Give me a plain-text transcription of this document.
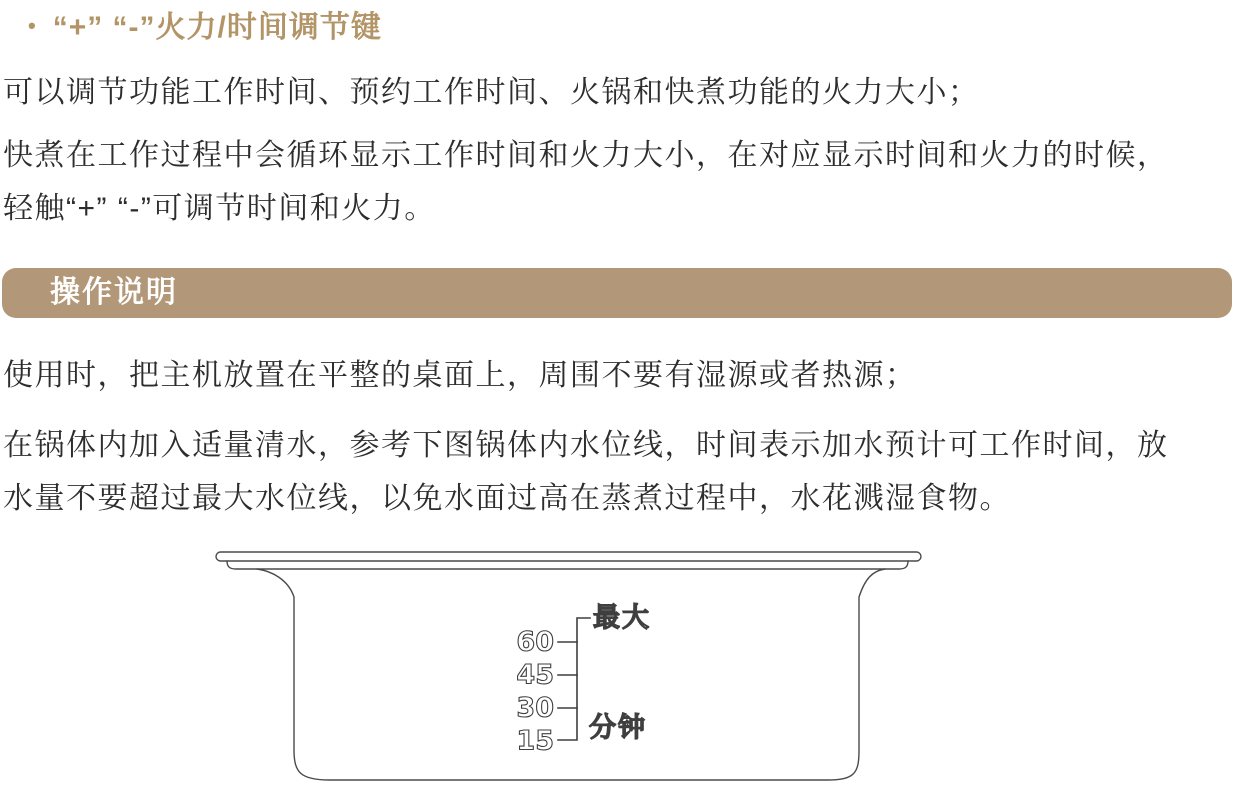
• “+” “-”火力/时间调节键
可以调节功能工作时间、预约工作时间、火锅和快煮功能的火力大小；
快煮在工作过程中会循环显示工作时间和火力大小，在对应显示时间和火力的时候，
轻触“+” “-”可调节时间和火力。
操作说明
使用时，把主机放置在平整的桌面上，周围不要有湿源或者热源；
在锅体内加入适量清水，参考下图锅体内水位线，时间表示加水预计可工作时间，放
水量不要超过最大水位线，以免水面过高在蒸煮过程中，水花溅湿食物。
60
45
30
15
最大
分钟
